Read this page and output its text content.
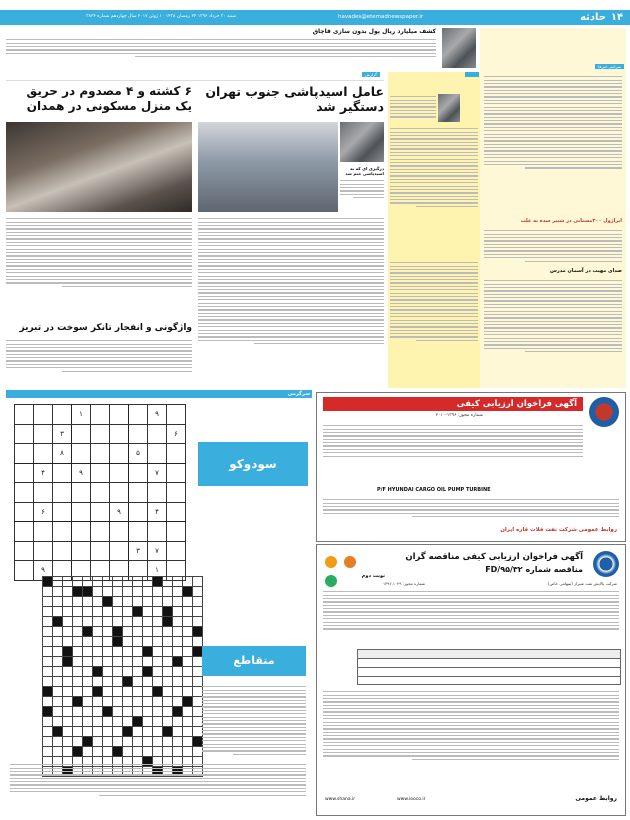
۱۴
حادثه
havades@etemadnewspaper.ir
شنبه ۳۰ خرداد ۱۳۹۶ ۲۴ رمضان ۱۴۳۸ ۱۰ ژوئن ۲۰۱۷ سال چهاردهم شماره ۳۸۲۴
کشف میلیارد ریال پول بدون سازی قاچاق
سراسر خبرها
ایراژول ۳۰۰مستانی در شبیر سده به علت
صدای مهیب در آسمان مدرس
گزارش
عامل اسیدپاشی جنوب تهران دستگیر شد
درگیری ای که به اسیدپاشی ختم شد
۶ کشته و ۴ مصدوم در حریق یک منزل مسکونی در همدان
واژگونی و انفجار تانکر سوخت در تبریز
سرگرمی
			۱				۹	
		۳						۶
		۸				۵		
	۴		۹				۷	

	۶				۹		۴	

						۳	۷	
	۹						۱	
سودوکو

متقاطع
آگهی فراخوان ارزیابی کیفی
شماره مجوز: ۱۳۹۶-۲۰۱۰
P/F HYUNDAI CARGO OIL PUMP TURBINE
روابط عمومی شرکت نفت فلات قاره ایران
آگهی فراخوان ارزیابی کیفی مناقصه گران
مناقصه شماره ۹۵/۳۲/FD

نوبت دوم
شماره مجوز: ۱۳۹۶.۱۰۴۹	شرکت پالایش نفت شیراز (سهامی خاص)
روابط عمومی
www.shana.ir	www.iooco.ir
